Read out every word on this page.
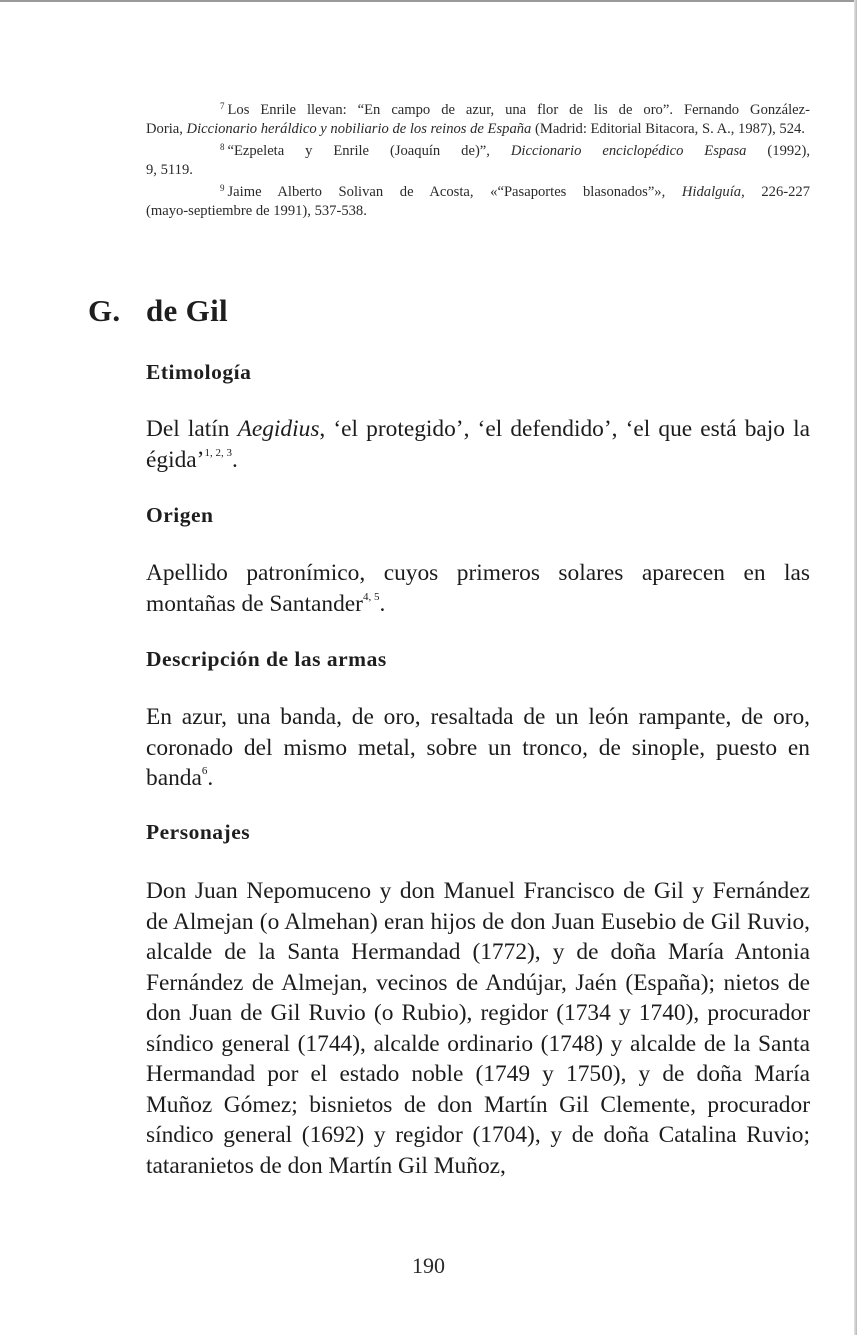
$^7$ Los Enrile llevan: “En campo de azur, una flor de lis de oro”. Fernando González-
Doria, Diccionario heráldico y nobiliario de los reinos de España (Madrid: Editorial Bitacora, S. A., 1987), 524.

$^8$ “Ezpeleta y Enrile (Joaquín de)”, Diccionario enciclopédico Espasa (1992),
9, 5119.

$^9$ Jaime Alberto Solivan de Acosta, «“Pasaportes blasonados”», Hidalguía, 226-227
(mayo-septiembre de 1991), 537-538.

G. de Gil
Etimología
Del latín Aegidius, ‘el protegido’, ‘el defendido’, ‘el que está bajo la égida’$^{1, 2, 3}$.
Origen
Apellido patronímico, cuyos primeros solares aparecen en las montañas de Santander$^{4, 5}$.
Descripción de las armas
En azur, una banda, de oro, resaltada de un león rampante, de oro, coronado del mismo metal, sobre un tronco, de sinople, puesto en banda$^6$.
Personajes
Don Juan Nepomuceno y don Manuel Francisco de Gil y Fernández de Almejan (o Almehan) eran hijos de don Juan Eusebio de Gil Ruvio, alcalde de la Santa Hermandad (1772), y de doña María Antonia Fernández de Almejan, vecinos de Andújar, Jaén (España); nietos de don Juan de Gil Ruvio (o Rubio), regidor (1734 y 1740), procurador síndico general (1744), alcalde ordinario (1748) y alcalde de la Santa Hermandad por el estado noble (1749 y 1750), y de doña María Muñoz Gómez; bisnietos de don Martín Gil Clemente, procurador síndico general (1692) y regidor (1704), y de doña Catalina Ruvio; tataranietos de don Martín Gil Muñoz,
190
